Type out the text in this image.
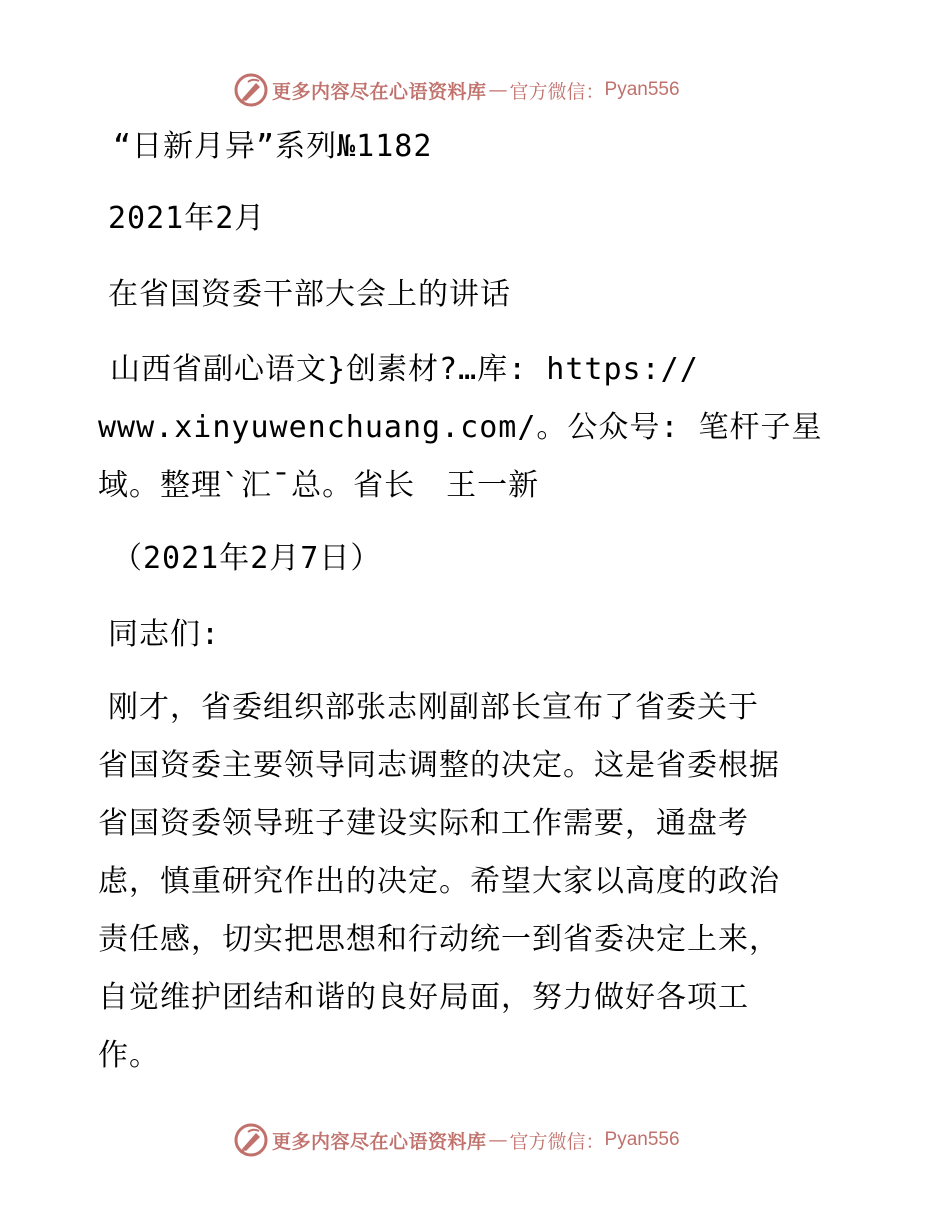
更多内容尽在心语资料库 — 官方微信： Pyan556
“日新月异”系列№1182
2021年2月
在省国资委干部大会上的讲话
山西省副心语文}创素材?…库: https://
www.xinyuwenchuang.com/。公众号: 笔杆子星
域。整理`汇¯总。省长　王一新
（2021年2月7日）
同志们:
刚才，省委组织部张志刚副部长宣布了省委关于
省国资委主要领导同志调整的决定。这是省委根据
省国资委领导班子建设实际和工作需要，通盘考
虑，慎重研究作出的决定。希望大家以高度的政治
责任感，切实把思想和行动统一到省委决定上来，
自觉维护团结和谐的良好局面，努力做好各项工
作。
更多内容尽在心语资料库 — 官方微信： Pyan556
